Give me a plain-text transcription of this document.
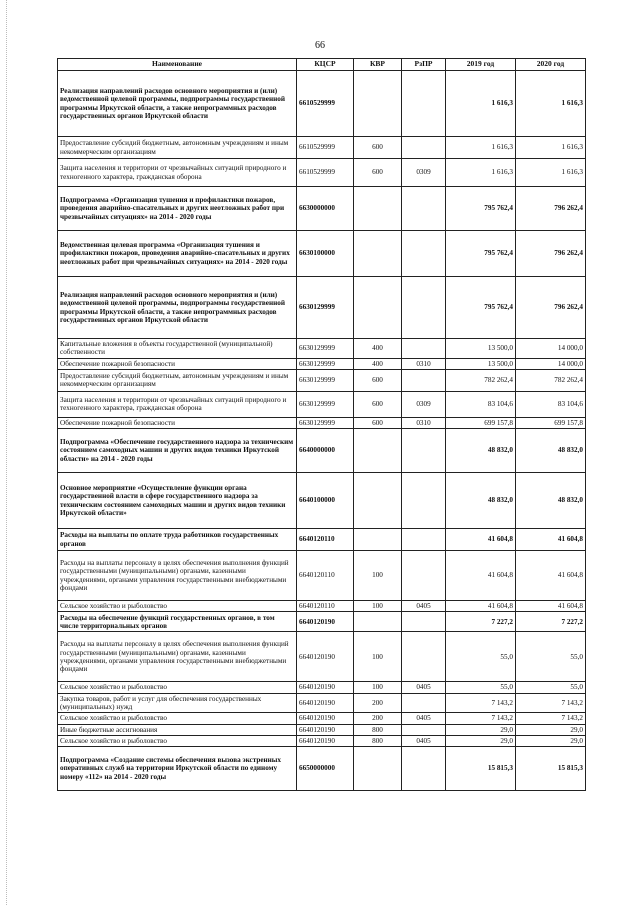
66
Наименование	КЦСР	КВР	РзПР	2019 год	2020 год
Реализация направлений расходов основного мероприятия и (или) ведомственной целевой программы, подпрограммы государственной программы Иркутской области, а также непрограммных расходов государственных органов Иркутской области	6610529999			1 616,3	1 616,3
Предоставление субсидий бюджетным, автономным учреждениям и иным некоммерческим организациям	6610529999	600		1 616,3	1 616,3
Защита населения и территории от чрезвычайных ситуаций природного и техногенного характера, гражданская оборона	6610529999	600	0309	1 616,3	1 616,3
Подпрограмма «Организация тушения и профилактики пожаров, проведения аварийно-спасательных и других неотложных работ при чрезвычайных ситуациях» на 2014 - 2020 годы	6630000000			795 762,4	796 262,4
Ведомственная целевая программа «Организация тушения и профилактики пожаров, проведения аварийно-спасательных и других неотложных работ при чрезвычайных ситуациях» на 2014 - 2020 годы	6630100000			795 762,4	796 262,4
Реализация направлений расходов основного мероприятия и (или) ведомственной целевой программы, подпрограммы государственной программы Иркутской области, а также непрограммных расходов государственных органов Иркутской области	6630129999			795 762,4	796 262,4
Капитальные вложения в объекты государственной (муниципальной) собственности	6630129999	400		13 500,0	14 000,0
Обеспечение пожарной безопасности	6630129999	400	0310	13 500,0	14 000,0
Предоставление субсидий бюджетным, автономным учреждениям и иным некоммерческим организациям	6630129999	600		782 262,4	782 262,4
Защита населения и территории от чрезвычайных ситуаций природного и техногенного характера, гражданская оборона	6630129999	600	0309	83 104,6	83 104,6
Обеспечение пожарной безопасности	6630129999	600	0310	699 157,8	699 157,8
Подпрограмма «Обеспечение государственного надзора за техническим состоянием самоходных машин и других видов техники Иркутской области» на 2014 - 2020 годы	6640000000			48 832,0	48 832,0
Основное мероприятие «Осуществление функции органа государственной власти в сфере государственного надзора за техническим состоянием самоходных машин и других видов техники Иркутской области»	6640100000			48 832,0	48 832,0
Расходы на выплаты по оплате труда работников государственных органов	6640120110			41 604,8	41 604,8
Расходы на выплаты персоналу в целях обеспечения выполнения функций государственными (муниципальными) органами, казенными учреждениями, органами управления государственными внебюджетными фондами	6640120110	100		41 604,8	41 604,8
Сельское хозяйство и рыболовство	6640120110	100	0405	41 604,8	41 604,8
Расходы на обеспечение функций государственных органов, в том числе территориальных органов	6640120190			7 227,2	7 227,2
Расходы на выплаты персоналу в целях обеспечения выполнения функций государственными (муниципальными) органами, казенными учреждениями, органами управления государственными внебюджетными фондами	6640120190	100		55,0	55,0
Сельское хозяйство и рыболовство	6640120190	100	0405	55,0	55,0
Закупка товаров, работ и услуг для обеспечения государственных (муниципальных) нужд	6640120190	200		7 143,2	7 143,2
Сельское хозяйство и рыболовство	6640120190	200	0405	7 143,2	7 143,2
Иные бюджетные ассигнования	6640120190	800		29,0	29,0
Сельское хозяйство и рыболовство	6640120190	800	0405	29,0	29,0
Подпрограмма «Создание системы обеспечения вызова экстренных оперативных служб на территории Иркутской области по единому номеру «112» на 2014 - 2020 годы	6650000000			15 815,3	15 815,3
